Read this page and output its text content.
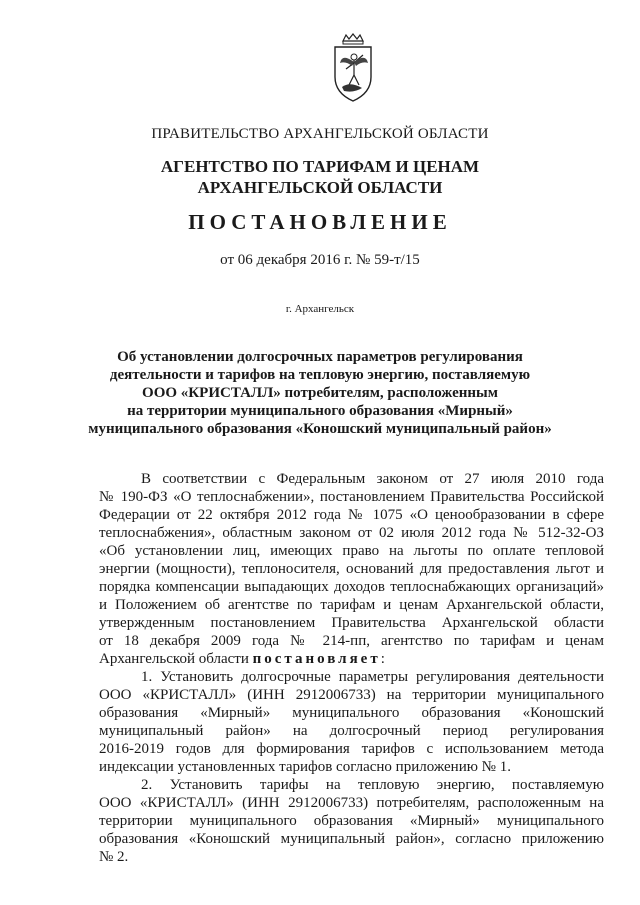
ПРАВИТЕЛЬСТВО АРХАНГЕЛЬСКОЙ ОБЛАСТИ
АГЕНТСТВО ПО ТАРИФАМ И ЦЕНАМ
АРХАНГЕЛЬСКОЙ ОБЛАСТИ
ПОСТАНОВЛЕНИЕ
от 06 декабря 2016 г. № 59-т/15
г. Архангельск
Об установлении долгосрочных параметров регулирования
деятельности и тарифов на тепловую энергию, поставляемую
ООО «КРИСТАЛЛ» потребителям, расположенным
на территории муниципального образования «Мирный»
муниципального образования «Коношский муниципальный район»
В соответствии с Федеральным законом от 27 июля 2010 года
№ 190-ФЗ «О теплоснабжении», постановлением Правительства Российской
Федерации от 22 октября 2012 года № 1075 «О ценообразовании в сфере
теплоснабжения», областным законом от 02 июля 2012 года № 512-32-ОЗ
«Об установлении лиц, имеющих право на льготы по оплате тепловой
энергии (мощности), теплоносителя, оснований для предоставления льгот и
порядка компенсации выпадающих доходов теплоснабжающих организаций»
и Положением об агентстве по тарифам и ценам Архангельской области,
утвержденным постановлением Правительства Архангельской области
от 18 декабря 2009 года № 214-пп, агентство по тарифам и ценам
Архангельской области постановляет:
1. Установить долгосрочные параметры регулирования деятельности
ООО «КРИСТАЛЛ» (ИНН 2912006733) на территории муниципального
образования «Мирный» муниципального образования «Коношский
муниципальный район» на долгосрочный период регулирования
2016-2019 годов для формирования тарифов с использованием метода
индексации установленных тарифов согласно приложению № 1.
2. Установить тарифы на тепловую энергию, поставляемую
ООО «КРИСТАЛЛ» (ИНН 2912006733) потребителям, расположенным на
территории муниципального образования «Мирный» муниципального
образования «Коношский муниципальный район», согласно приложению
№ 2.
